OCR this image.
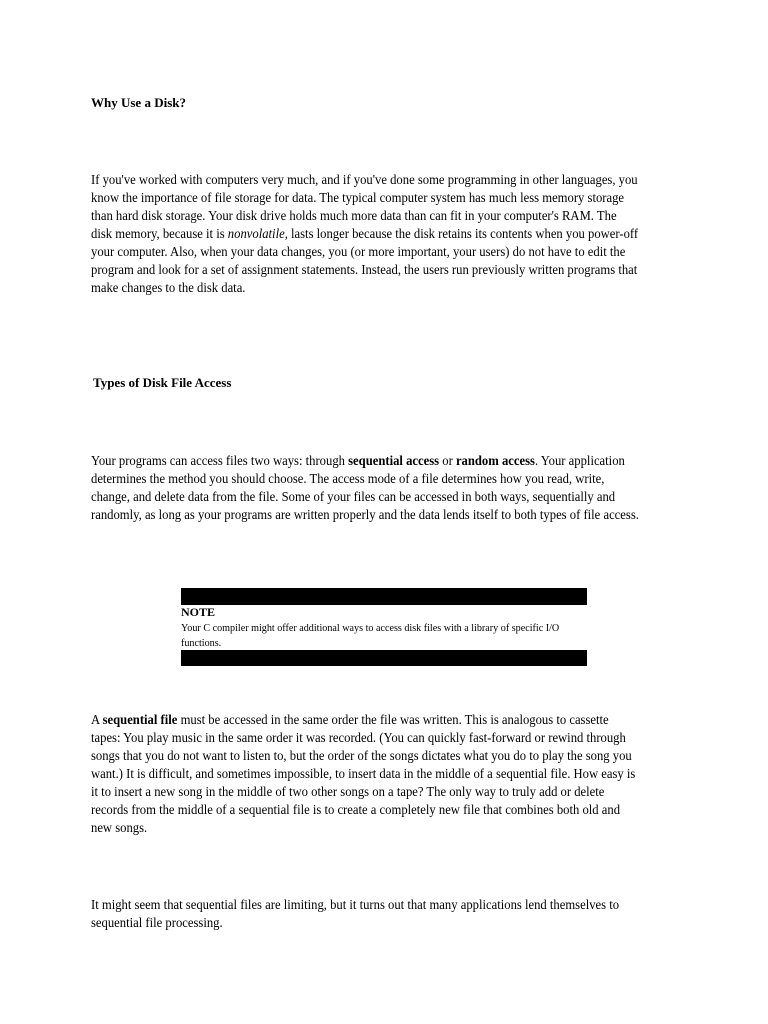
Why Use a Disk?

If you've worked with computers very much, and if you've done some programming in other languages, you know the importance of file storage for data. The typical computer system has much less memory storage than hard disk storage. Your disk drive holds much more data than can fit in your computer's RAM. The disk memory, because it is nonvolatile, lasts longer because the disk retains its contents when you power-off your computer. Also, when your data changes, you (or more important, your users) do not have to edit the program and look for a set of assignment statements. Instead, the users run previously written programs that make changes to the disk data.

Types of Disk File Access

Your programs can access files two ways: through sequential access or random access. Your application determines the method you should choose. The access mode of a file determines how you read, write, change, and delete data from the file. Some of your files can be accessed in both ways, sequentially and randomly, as long as your programs are written properly and the data lends itself to both types of file access.

NOTE
Your C compiler might offer additional ways to access disk files with a library of specific I/O functions.

A sequential file must be accessed in the same order the file was written. This is analogous to cassette tapes: You play music in the same order it was recorded. (You can quickly fast-forward or rewind through songs that you do not want to listen to, but the order of the songs dictates what you do to play the song you want.) It is difficult, and sometimes impossible, to insert data in the middle of a sequential file. How easy is it to insert a new song in the middle of two other songs on a tape? The only way to truly add or delete records from the middle of a sequential file is to create a completely new file that combines both old and new songs.

It might seem that sequential files are limiting, but it turns out that many applications lend themselves to sequential file processing.
